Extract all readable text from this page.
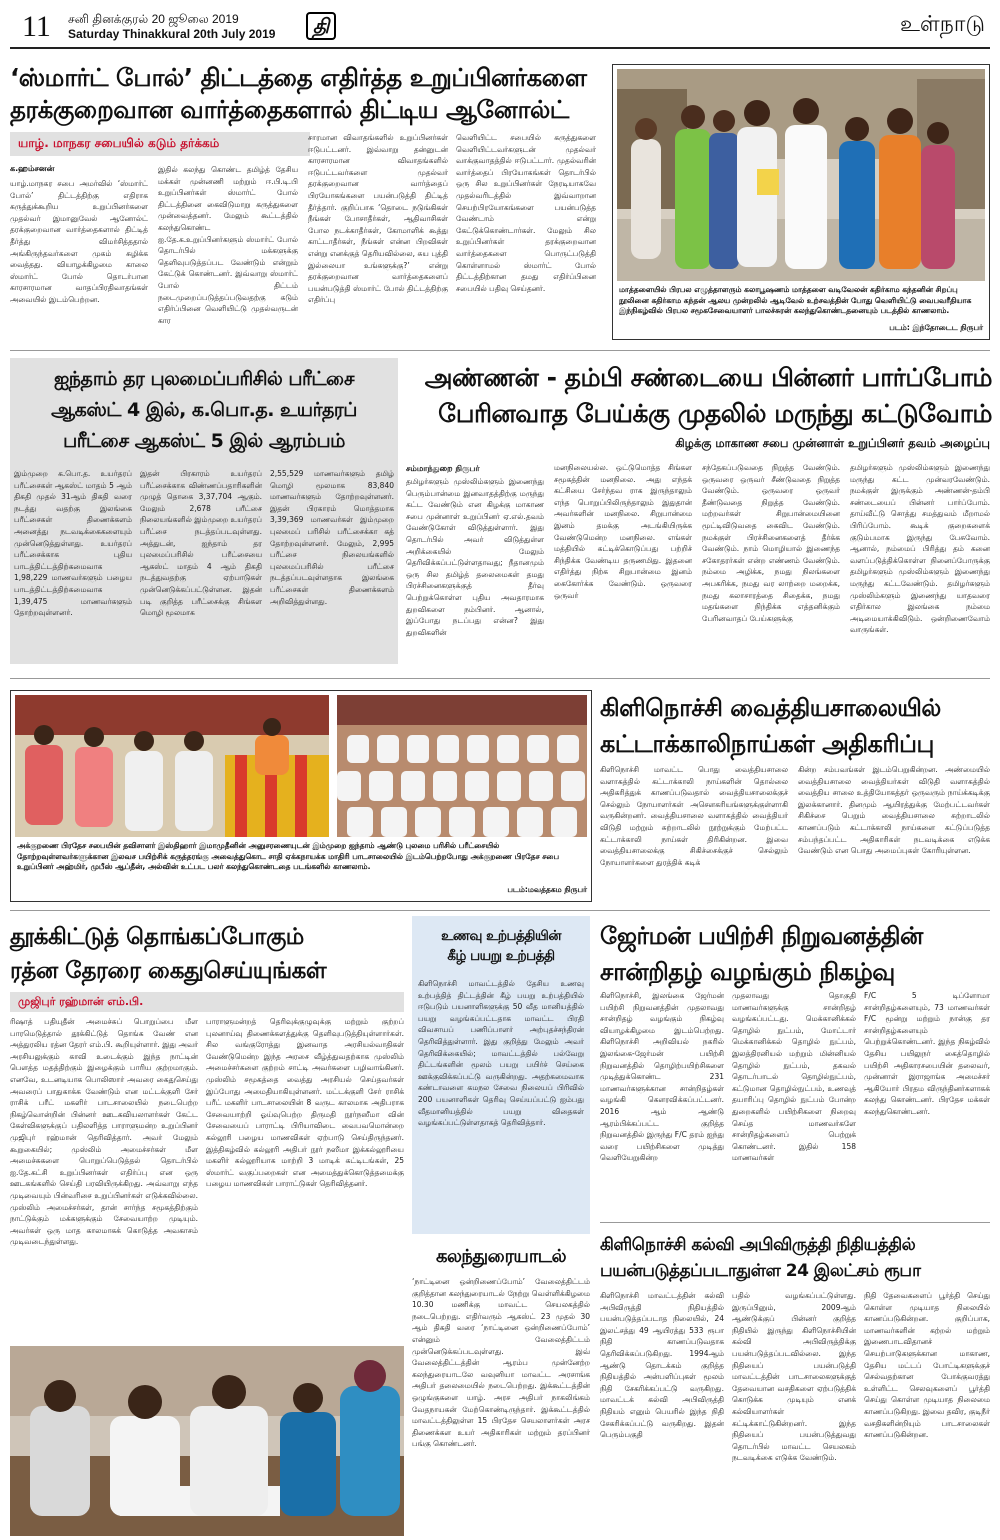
11 சனி தினக்குரல் 20 ஜூலை 2019
Saturday Thinakkural 20th July 2019	தி	உள்நாடு
‘ஸ்மார்ட் போல்’ திட்டத்தை எதிர்த்த உறுப்பினர்களை
தரக்குறைவான வார்த்தைகளால் திட்டிய ஆனோல்ட்
யாழ். மாநகர சபையில் கடும் தர்க்கம்
க.ஹம்சனன்
யாழ்.மாநகர சபை அமர்வில் ‘ஸ்மார்ட் போல்’ திட்டத்திற்கு எதிராக கருத்துக்கூறிய உறுப்பினர்களை முதல்வர் இமானுவேல் ஆனோல்ட் தரக்குறைவான வார்த்தைகளால் திட்டித் தீர்த்து விமர்சித்ததால் அங்கிருந்தவர்களை முகம் சுழிக்க வைத்தது. வியாழக்கிழமை காலை ஸ்மார்ட் போல் தொடர்பான காரசாரமான வாதப்பிரதிவாதங்கள் அவையில் இடம்பெற்றன.
இதில் கலந்து கொண்ட தமிழ்த் தேசிய மக்கள் முன்னணி மற்றும் ஈ.பி.டி.பி உறுப்பினர்கள் ஸ்மார்ட் போல் திட்டத்தினை கைவிடுமாறு கருத்துகளை முன்வைத்தனர். மேலும் கூட்டத்தில் கலந்துகொண்ட ஐ.தே.க.உறுப்பினர்களும் ஸ்மார்ட் போல் தொடர்பில் மக்களுக்கு தெளிவுபடுத்தப்பட வேண்டும் என்றும் கேட்டுக் கொண்டனர். இவ்வாறு ஸ்மார்ட் போல் திட்டம் நடைமுறைப்படுத்தப்படுவதற்கு கடும் எதிர்ப்பினை வெளியிட்டு முதல்வருடன் கார
சாரமான விவாதங்களில் உறுப்பினர்கள் ஈடுபட்டனர். இவ்வாறு தன்னுடன் காரசாரமான விவாதங்களில் ஈடுபட்டவர்களை முதல்வர் தரக்குறைவான வார்த்தைப் பிரயோகங்களை பயன்படுத்தி திட்டித் தீர்த்தார். குறிப்பாக ‘தொடை நடுங்கிகள் நீங்கள் போசாதீர்கள், ஆதிவாசிகள் போல நடக்காதீர்கள், கோமாளிக் கூத்து காட்டாதீர்கள், நீங்கள் என்ன பிறவிகள் என்று எனக்குத் தெரியவில்லை, சுய புத்தி இல்லையா உங்களுக்கு?’ என்று தரக்குறைவான வார்த்தைகளைப் பயன்படுத்தி ஸ்மார்ட் போல் திட்டத்திற்கு எதிர்ப்பு
வெளியிட்ட சபையில் கருத்துகளை வெளியிட்டவர்களுடன் முதல்வர் வாக்குவாதத்தில் ஈடுபட்டார். முதல்வரின் வார்த்தைப் பிரயோகங்கள் தொடர்பில் ஒரு சில உறுப்பினர்கள் நேரடியாகவே முதல்வரிடத்தில் இவ்வாறான செயற்பிரயோகங்களை பயன்படுத்த வேண்டாம் என்று கேட்டுக்கொண்டார்கள். மேலும் சில உறுப்பினர்கள் தரக்குறைவான வார்த்தைகளை பொருட்படுத்தி கொள்ளாமல் ஸ்மார்ட் போல் திட்டத்திற்கான தமது எதிர்ப்பினை சபையில் பதிவு செய்தனர்.	மாத்தளையில் பிரபல எழுத்தாளரும் கலாபூஷணம் மாத்தளை வடிவேலன் கதிர்காம கந்தனின் சிறப்பு நூலினை கதிர்காம கந்தன் ஆலய முன்றலில் ஆடிவேல் உற்சவத்தின் போது வெளியிட்டு வைபவரீதியாக இந்நிகழ்வில் பிரபல சமூகசேவையாளர் பாலச்சுரன் கலந்துகொண்டதனையும் படத்தில் காணலாம்.
படம்: இந்தோடைட நிருபர்
ஐந்தாம் தர புலமைப்பரிசில் பரீட்சை
ஆகஸ்ட் 4 இல், க.பொ.த. உயர்தரப்
பரீட்சை ஆகஸ்ட் 5 இல் ஆரம்பம்
இம்முறை க.பொ.த. உயர்தரப் பரீட்சைகள் ஆகஸ்ட் மாதம் 5 ஆம் திகதி முதல் 31ஆம் திகதி வரை நடத்து வதற்கு இலங்கை பரீட்சைகள் திணைக்களம் அனைத்து நடவடிக்கைகளையும் முன்னெடுத்துள்ளது. உயர்தரப் பரீட்சைக்காக புதிய பாடத்திட்டத்திற்கமைவாக 1,98,229 மாணவர்களும் பழைய பாடத்திட்டத்திற்கமைவாக 1,39,475 மாணவர்களும் தோற்றவுள்ளனர்.
இதன் பிரகாரம் உயர்தரப் பரீட்சைக்காக விண்ணப்பதாரிகளின் முழுத் தொகை 3,37,704 ஆகும். மேலும் 2,678 பரீட்சை நிலையங்களில் இம்முறை உயர்தரப் பரீட்சை நடத்தப்படவுள்ளது. அத்துடன், ஐந்தாம் தர புலமைப்பரிசில் பரீட்சையை ஆகஸ்ட் மாதம் 4 ஆம் திகதி நடத்துவதற்கு ஏற்பாடுகள் முன்னெடுக்கப்பட்டுள்ளன. இதன் படி குறித்த பரீட்சைக்கு சிங்கள மொழி மூலமாக
2,55,529 மாணவர்களும் தமிழ் மொழி மூலமாக 83,840 மாணவர்களும் தோற்றவுள்ளனர். இதன் பிரகாரம் மொத்தமாக 3,39,369 மாணவர்கள் இம்முறை புலமைப் பரிசில் பரீட்சைக்கா கத் தோற்றவுள்ளனர். மேலும், 2,995 பரீட்சை நிலையங்களில் புலமைப்பரிசில் பரீட்சை நடத்தப்படவுள்ளதாக இலங்கை பரீட்சைகள் திணைக்களம் அறிவித்துள்ளது.
அண்ணன் - தம்பி சண்டையை பின்னர் பார்ப்போம்
பேரினவாத பேய்க்கு முதலில் மருந்து கட்டுவோம்
கிழக்கு மாகாண சபை முன்னாள் உறுப்பினர் தவம் அழைப்பு
சம்மாந்துறை நிருபர்
தமிழர்களும் முஸ்லிம்களும் இணைந்து பெரும்பான்மை இனவாதத்திற்கு மருந்து கட்ட வேண்டும் என கிழக்கு மாகாண சபை முன்னாள் உறுப்பினர் ஏ.எல்.தவம் வேண்டுகோள் விடுத்துள்ளார். இது தொடர்பில் அவர் விடுத்துள்ள அறிக்கையில் மேலும் தெரிவிக்கப்பட்டுள்ளதாவது; நீதானமும் ஒரு சில தமிழ்த் தலைமைகள் தமது பிரச்சினைகளுக்குத் தீர்வு பெற்றுக்கொள்ள புதிய அவதாரமாக துறவிகளை நம்பினர். ஆனால், இப்போது நடப்பது என்ன? இது துறவிகளின்
மனநிலையல்ல. ஒட்டுமொத்த சிங்கள சமூகத்தின் மனநிலை. அது எந்தக் கட்சியை சேர்ந்தவ ராக இருந்தாலும் எந்த பொறுப்பிலிருந்தாலும் இதுதான் அவர்களின் மனநிலை. சிறுபான்மை இனம் தமக்கு அடங்கியிருக்க வேண்டுமென்ற மனநிலை. எங்கள் மத்தியில் கட்டிக்கொடுப்பது பற்றிச் சிந்திக்க வேண்டிய தருணமிது. இதனை எதிர்த்து நிற்க சிறுபான்மை இனம் கைகோர்க்க வேண்டும். ஒருவரை ஒருவர்
சந்தேகப்படுவதை நிறுத்த வேண்டும். ஒருவரை ஒருவர் சீண்டுவதை நிறுத்த வேண்டும். ஒருவரை ஒருவர் தீண்டுவதை நிறுத்த வேண்டும். மற்றவர்கள் சிறுபான்மையினை மூட்டிவிடுவதை கைவிட வேண்டும். நமக்குள் பிரச்சினைகளைத் தீர்க்க வேண்டும். நாம் மொழியால் இணைந்த சகோதரர்கள் என்ற எண்ணம் வேண்டும். நம்மை அழிக்க, நமது நிலங்களை அபகரிக்க, நமது வர லாற்றை மறைக்க, நமது கலாசாரத்தை சிதைக்க, நமது மதங்களை நிந்திக்க எத்தனிக்கும் பேரினவாதப் பேய்களுக்கு
தமிழர்களும் முஸ்லிம்களும் இணைந்து மருந்து கட்ட முன்வரவேண்டும். நமக்குள் இருக்கும் அண்ணன்-தம்பி சண்டையைப் பின்னர் பார்ப்போம். தாய்வீட்டு சொத்து சமத்துவம் மீறாமல் பிரிப்போம். கூடிக் குறைகளைக் குடும்பமாக இருந்து பேசுவோம். ஆனால், நம்மைப் பிரித்து தம் கனை வளப்படுத்திக்கொள்ள நினைப்போருக்கு தமிழர்களும் முஸ்லிம்களும் இணைந்து மருந்து கட்டவேண்டும். தமிழர்களும் முஸ்லிம்களும் இணைந்து யாதவரை எதிர்கால இலங்கை நம்மை அடிமையாக்கிவிடும். ஒன்றிணைவோம் வாருங்கள்.
அக்குறணை பிரதேச சபையின் தவிசாளர் இஸ்திஹார் இமாமுதீனின் அனுசரணையுடன் இம்முறை ஐந்தாம் ஆண்டு புலமை பரிசில் பரீட்சையில் தோற்றவுள்ளவர்களுக்கான இலவச பயிற்சிக் கருத்தரங்கு அவைத்துகொட சாதி ஏக்கநாயக்க மாதிரி பாடசாலையில் இடம்பெற்றபோது அக்குறணை பிரதேச சபை உறுப்பினர் அஹ்மிர், முபீஸ் ஆப்தீன், அல்வின் உட்பட பலர் கலந்துகொண்டதை படங்களில் காணலாம்.
படம்:மவத்தகம நிருபர்
கிளிநொச்சி வைத்தியசாலையில்
கட்டாக்காலிநாய்கள் அதிகரிப்பு
கிளிநொச்சி மாவட்ட பொது வைத்தியசாலை வளாகத்தில் கட்டாக்காலி நாய்களின் தொல்லை அதிகரித்துக் காணப்படுவதால் வைத்தியசாலைக்குச் செல்லும் நோயாளர்கள் அசௌகரியங்களுக்குள்ளாகி வருகின்றனர். வைத்தியசாலை வளாகத்தில் வைத்தியர் விடுதி மற்றும் சுற்றாடலில் நூற்றுக்கும் மேற்பட்ட கட்டாக்காலி நாய்கள் திரிகின்றன. இவை வைத்தியசாலைக்கு சிகிச்சைக்குச் செல்லும் நோயாளர்களை துரத்திக் கடிக்
கின்ற சம்பவங்கள் இடம்பெறுகின்றன. அண்மையில் வைத்தியசாலை வைத்தியர்கள் விடுதி வளாகத்தில் வைத்திய சாலை உத்தியோகத்தர் ஒருவரும் நாய்க்கடிக்கு இலக்கானார். தினமும் ஆயிரத்துக்கு மேற்பட்டவர்கள் சிகிச்சை பெறும் வைத்தியசாலை சுற்றாடலில் காணப்படும் கட்டாக்காலி நாய்களை கட்டுப்படுத்த சம்பந்தப்பட்ட அதிகாரிகள் நடவடிக்கை எடுக்க வேண்டும் என பொது அமைப்புகள் கோரியுள்ளன.
தூக்கிட்டுத் தொங்கப்போகும்
ரத்ன தேரரை கைதுசெய்யுங்கள்
முஜிபுர் ரஹ்மான் எம்.பி.
ரிஷாத் பதியுதீன் அமைச்சுப் பொறுப்பை மீள பாரமெடுத்தால் தூக்கிட்டுத் தொங்க வேண் என அத்துரலிய ரத்ன தேரர் எம்.பி. கூறியுள்ளார். இது அவர் அரசியலுக்கும் காவி உடைக்கும் இந்த நாட்டின் பௌத்த மதத்திற்கும் இழைக்கும் பாரிய குற்றமாகும். எனவே, உடனடியாக பொலிஸார் அவரை கைதுசெய்து அவரைப் பாதுகாக்க வேண்டும் என மட்டக்குளி சேர் ராசிக் பரீட் மகளிர் பாடசாலையில் நடைபெற்ற நிகழ்வொன்றின் பின்னர் ஊடகவியலாளர்கள் கேட்ட கேள்விகளுக்குப் பதிலளித்த பாராளுமன்ற உறுப்பினர் முஜிபுர் ரஹ்மான் தெரிவித்தார். அவர் மேலும் கூறுகையில்; முஸ்லிம் அமைச்சர்கள் மீள அமைச்சுகளை பொறுப்பெடுத்தல் தொடர்பில் ஐ.தே.கட்சி உறுப்பினர்கள் எதிர்ப்பு என ஒரு ஊடகங்களில் செய்தி பரவியிருக்கிறது. அவ்வாறு எந்த முடிவையும் பின்வரிசை உறுப்பினர்கள் எடுக்கவில்லை. முஸ்லிம் அமைச்சர்கள், தான் சார்ந்த சமூகத்திற்கும் நாட்டுக்கும் மக்களுக்கும் சேவையாற்ற முடியும். அவர்கள் ஒரு மாத காலமாகக் கொடுத்த அவகாசம் முடிவடைந்துள்ளது.
பாராளுமன்றத் தெரிவுக்குழுவுக்கு மற்றும் குற்றப் புலனாய்வு திணைக்களத்துக்கு தெளிவுபடுத்தியுள்ளார்கள். சில வங்குரோத்து இனவாத அரசியல்வாதிகள் வேண்டுமென்ற இந்த அரசை வீழ்த்துவதற்காக முஸ்லிம் அமைச்சர்களை குற்றம் சாட்டி அவர்களை பழிவாங்கினர். முஸ்லிம் சமூகத்தை வைத்து அரசியல் செய்தவர்கள் இப்போது அமைதியாகியுள்ளனர். மட்டக்குளி சேர் ராசிக் பரீட் மகளிர் பாடசாலையின் 8 வருட காலமாக அதிபராக சேவையாற்றி ஓய்வுபெற்ற திருமதி நூர்நஸீமா வின் சேவையைப் பாராட்டி பிரியாவிடை வைபவமொன்றை கல்லூரி பழைய மாணவிகள் ஏற்பாடு செய்திருந்தனர். இத்திகழ்வில் கல்லூரி அதிபர் நூர் நஸீமா இக்கல்லூரியை மகளிர் கல்லூரியாக மாற்றி 3 மாடிக் கட்டிடங்கள், 25 ஸ்மார்ட் வகுப்பறைகள் என அமைத்துக்கொடுத்தமைக்கு பழைய மாணவிகள் பாராட்டுகள் தெரிவித்தனர்.
உணவு உற்பத்தியின்
கீழ் பயறு உற்பத்தி
கிளிநொச்சி மாவட்டத்தில் தேசிய உணவு உற்பத்தித் திட்டத்தின் கீழ் பயறு உற்பத்தியில் ஈடுபடும் பயனாளிகளுக்கு 50 வீத மானியத்தில் பயறு வழங்கப்பட்டதாக மாவட்ட பிரதி விவசாயப் பணிப்பாளர் அற்புதச்சந்திரன் தெரிவித்துள்ளார். இது குறித்து மேலும் அவர் தெரிவிக்கையில்; மாவட்டத்தில் பல்வேறு திட்டங்களின் மூலம் பயறு பயிர்ச் செய்கை ஊக்குவிக்கப்பட்டு வருகின்றது. அதற்கமைவாக கண்டாவளை கமநல சேவை நிலையப் பிரிவில் 200 பயனாளிகள் தெரிவு செய்யப்பட்டு ஐம்பது வீதமானியத்தில் பயறு விதைகள் வழங்கப்பட்டுள்ளதாகத் தெரிவித்தார்.
கலந்துரையாடல்
‘நாட்டினை ஒன்றிணைப்போம்’ வேலைத்திட்டம் குறித்தான கலந்துரையாடல் நேற்று வெள்ளிக்கிழமை 10.30 மணிக்கு மாவட்ட செயலகத்தில் நடைபெற்றது. எதிர்வரும் ஆகஸ்ட் 23 முதல் 30 ஆம் திகதி வரை ‘நாட்டினை ஒன்றிணைப்போம்’ என்னும் வேலைத்திட்டம் முன்னெடுக்கப்படவுள்ளது. இவ் வேலைத்திட்டத்தின் ஆரம்ப முன்னேற்ற கலந்துரையாடலே வவுனியா மாவட்ட அரசாங்க அதிபர் தலைமையில் நடைபெற்றது. இக்கூட்டத்தின் ஒழுங்குகளை யாழ். அரச அதிபர் நாகலிங்கம் வேதநாயகன் மேற்கொண்டிருந்தார். இக்கூட்டத்தில் மாவட்டத்திலுள்ள 15 பிரதேச செயலாளர்கள் அரச திணைக்கள உயர் அதிகாரிகள் மற்றும் தரப்பினர் பங்கு கொண்டனர்.
ஜேர்மன் பயிற்சி நிறுவனத்தின்
சான்றிதழ் வழங்கும் நிகழ்வு
கிளிநொச்சி, இலங்கை ஜேர்மன் பயிற்சி நிறுவனத்தின் முதலாவது சான்றிதழ் வழங்கும் நிகழ்வு வியாழக்கிழமை இடம்பெற்றது. கிளிநொச்சி அறிவியல் நகரில் இலங்கை-ஜேர்மன் பயிற்சி நிறுவனத்தில் தொழிற்பயிற்சிகளை முடித்துக்கொண்ட 231 மாணவர்களுக்கான சான்றிதழ்கள் வழங்கி கௌரவிக்கப்பட்டனர். 2016 ஆம் ஆண்டு ஆரம்பிக்கப்பட்ட குறித்த நிறுவனத்தில் இருந்து F/C தரம் ஐந்து வரை பயிற்சிகளை முடித்து வெளியேறுகின்ற
முதலாவது தொகுதி மாணவர்களுக்கு சான்றிதழ் வழங்கப்பட்டது. மெக்கானிக்கல் தொழில் நுட்பம், மோட்டார் மெக்கானிக்கல் தொழில் நுட்பம், இலத்திரனியல் மற்றும் மின்னியல் தொழில் நுட்பம், தகவல் தொடர்பாடல் தொழில்நுட்பம், கட்டுமான தொழில்நுட்பம், உணவுத் தயாரிப்பு தொழில் நுட்பம் போன்ற துறைகளில் பயிற்சிகளை நிறைவு செய்த மாணவர்களே சான்றிதழ்களைப் பெற்றுக் கொண்டனர். இதில் 158 மாணவர்கள்
F/C 5 டிப்ளோமா சான்றிதழ்களையும், 73 மாணவர்கள் F/C மூன்று மற்றும் நான்கு தர சான்றிதழ்களையும் பெற்றுக்கொண்டனர். இந்த நிகழ்வில் தேசிய பயிலுநர் கைத்தொழில் பயிற்சி அதிகாரசபையின் தலைவர், முன்னாள் இராஜாங்க அமைச்சர் ஆகியோர் பிரதம விருந்தினர்களாகக் கலந்து கொண்டனர். பிரதேச மக்கள் கலந்துகொண்டனர்.
கிளிநொச்சி கல்வி அபிவிருத்தி நிதியத்தில்
பயன்படுத்தப்படாதுள்ள 24 இலட்சம் ரூபா
கிளிநொச்சி மாவட்டத்தின் கல்வி அபிவிருத்தி நிதியத்தில் பயன்படுத்தப்படாத நிலையில், 24 இலட்சத்து 49 ஆயிரத்து 533 ரூபா நிதி காணப்படுவதாக தெரிவிக்கப்படுகிறது. 1994ஆம் ஆண்டு தொடக்கம் குறித்த நிதியத்தில் அன்பளிப்புகள் மூலம் நிதி சேகரிக்கப்பட்டு வருகிறது. மாவட்டக் கல்வி அபிவிருத்தி நிதியம் எனும் பெயரில் இந்த நிதி சேகரிக்கப்பட்டு வருகிறது. இதன் பெரும்பகுதி
பதில் வழங்கப்பட்டுள்ளது. இருப்பினும், 2009ஆம் ஆண்டுக்குப் பின்னர் குறித்த நிதியில் இருந்து கிளிநொச்சியின் கல்வி அபிவிருத்திக்கு பயன்படுத்தப்படவில்லை. இந்த நிதியைப் பயன்படுத்தி மாவட்டத்தின் பாடசாலைகளுக்குத் தேவையான வசதிகளை ஏற்படுத்திக் கொடுக்க முடியும் எனக் கல்வியாளர்கள் சுட்டிக்காட்டுகின்றனர். இந்த நிதியைப் பயன்படுத்துவது தொடர்பில் மாவட்ட செயலகம் நடவடிக்கை எடுக்க வேண்டும்.
நிதி தேவைகளைப் பூர்த்தி செய்து கொள்ள முடியாத நிலையில் காணப்படுகின்றன. குறிப்பாக, மாணவர்களின் கற்றல் மற்றும் இணைபாடவிதானச் செயற்பாடுகளுக்கான மாகாண, தேசிய மட்டப் போட்டிகளுக்குச் செல்வதற்கான போக்குவரத்து உள்ளிட்ட செலவுகளைப் பூர்த்தி செய்து கொள்ள முடியாத நிலைமை காணப்படுகிறது. இவை தவிர, குடிநீர் வசதிகளின்றியும் பாடசாலைகள் காணப்படுகின்றன.
